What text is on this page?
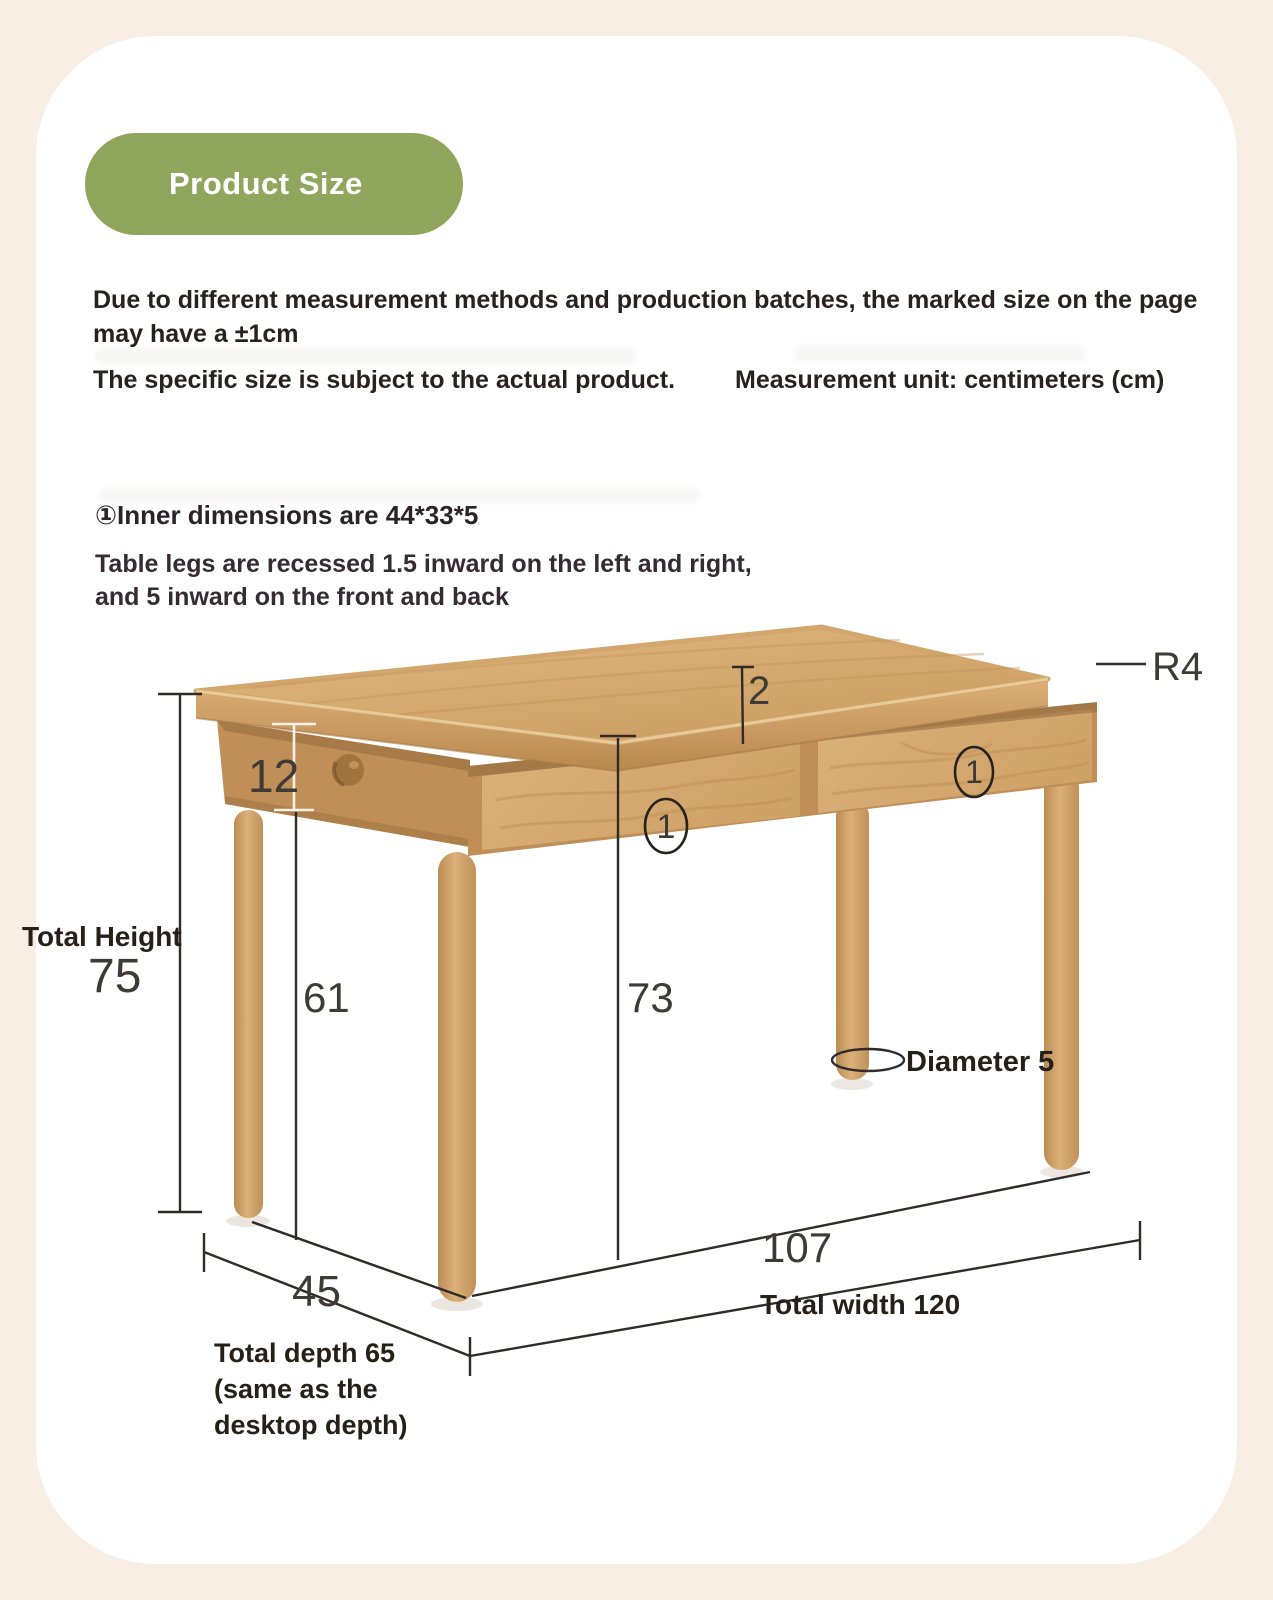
Product Size
Due to different measurement methods and production batches, the marked size on the page may have a ±1cm
The specific size is subject to the actual product. Measurement unit: centimeters (cm)
①Inner dimensions are 44*33*5
Table legs are recessed 1.5 inward on the left and right,
and 5 inward on the front and back
1
1
2
R4
12
Total Height
75	61	73
Diameter 5
45
107
Total width 120
Total depth 65
(same as the
desktop depth)
